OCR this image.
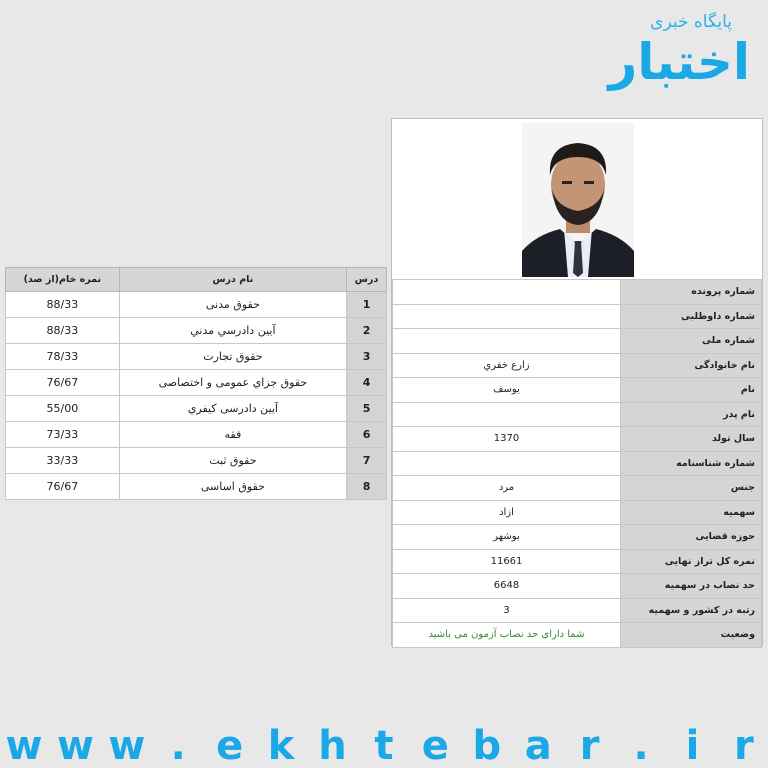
پایگاه خبری
اختبار
درس	نام درس	نمره خام(از صد)
1	حقوق مدنى	88/33
2	آيين دادرسي مدني	88/33
3	حقوق تجارت	78/33
4	حقوق جزاي عمومى و اختصاصى	76/67
5	آيين دادرسى كيفري	55/00
6	فقه	73/33
7	حقوق ثبت	33/33
8	حقوق اساسى	76/67
شماره پرونده	
شماره داوطلبى	
شماره ملى	
نام خانوادگى	زارع خفري
نام	يوسف
نام پدر	
سال تولد	1370
شماره شناسنامه	
جنس	مرد
سهميه	ازاد
حوزه قضايى	بوشهر
نمره كل تراز نهايى	11661
حد نصاب در سهميه	6648
رتبه در كشور و سهميه	3
وضعيت	شما داراى حد نصاب آزمون مى باشيد
w w w . e k h t e b a r . i r
